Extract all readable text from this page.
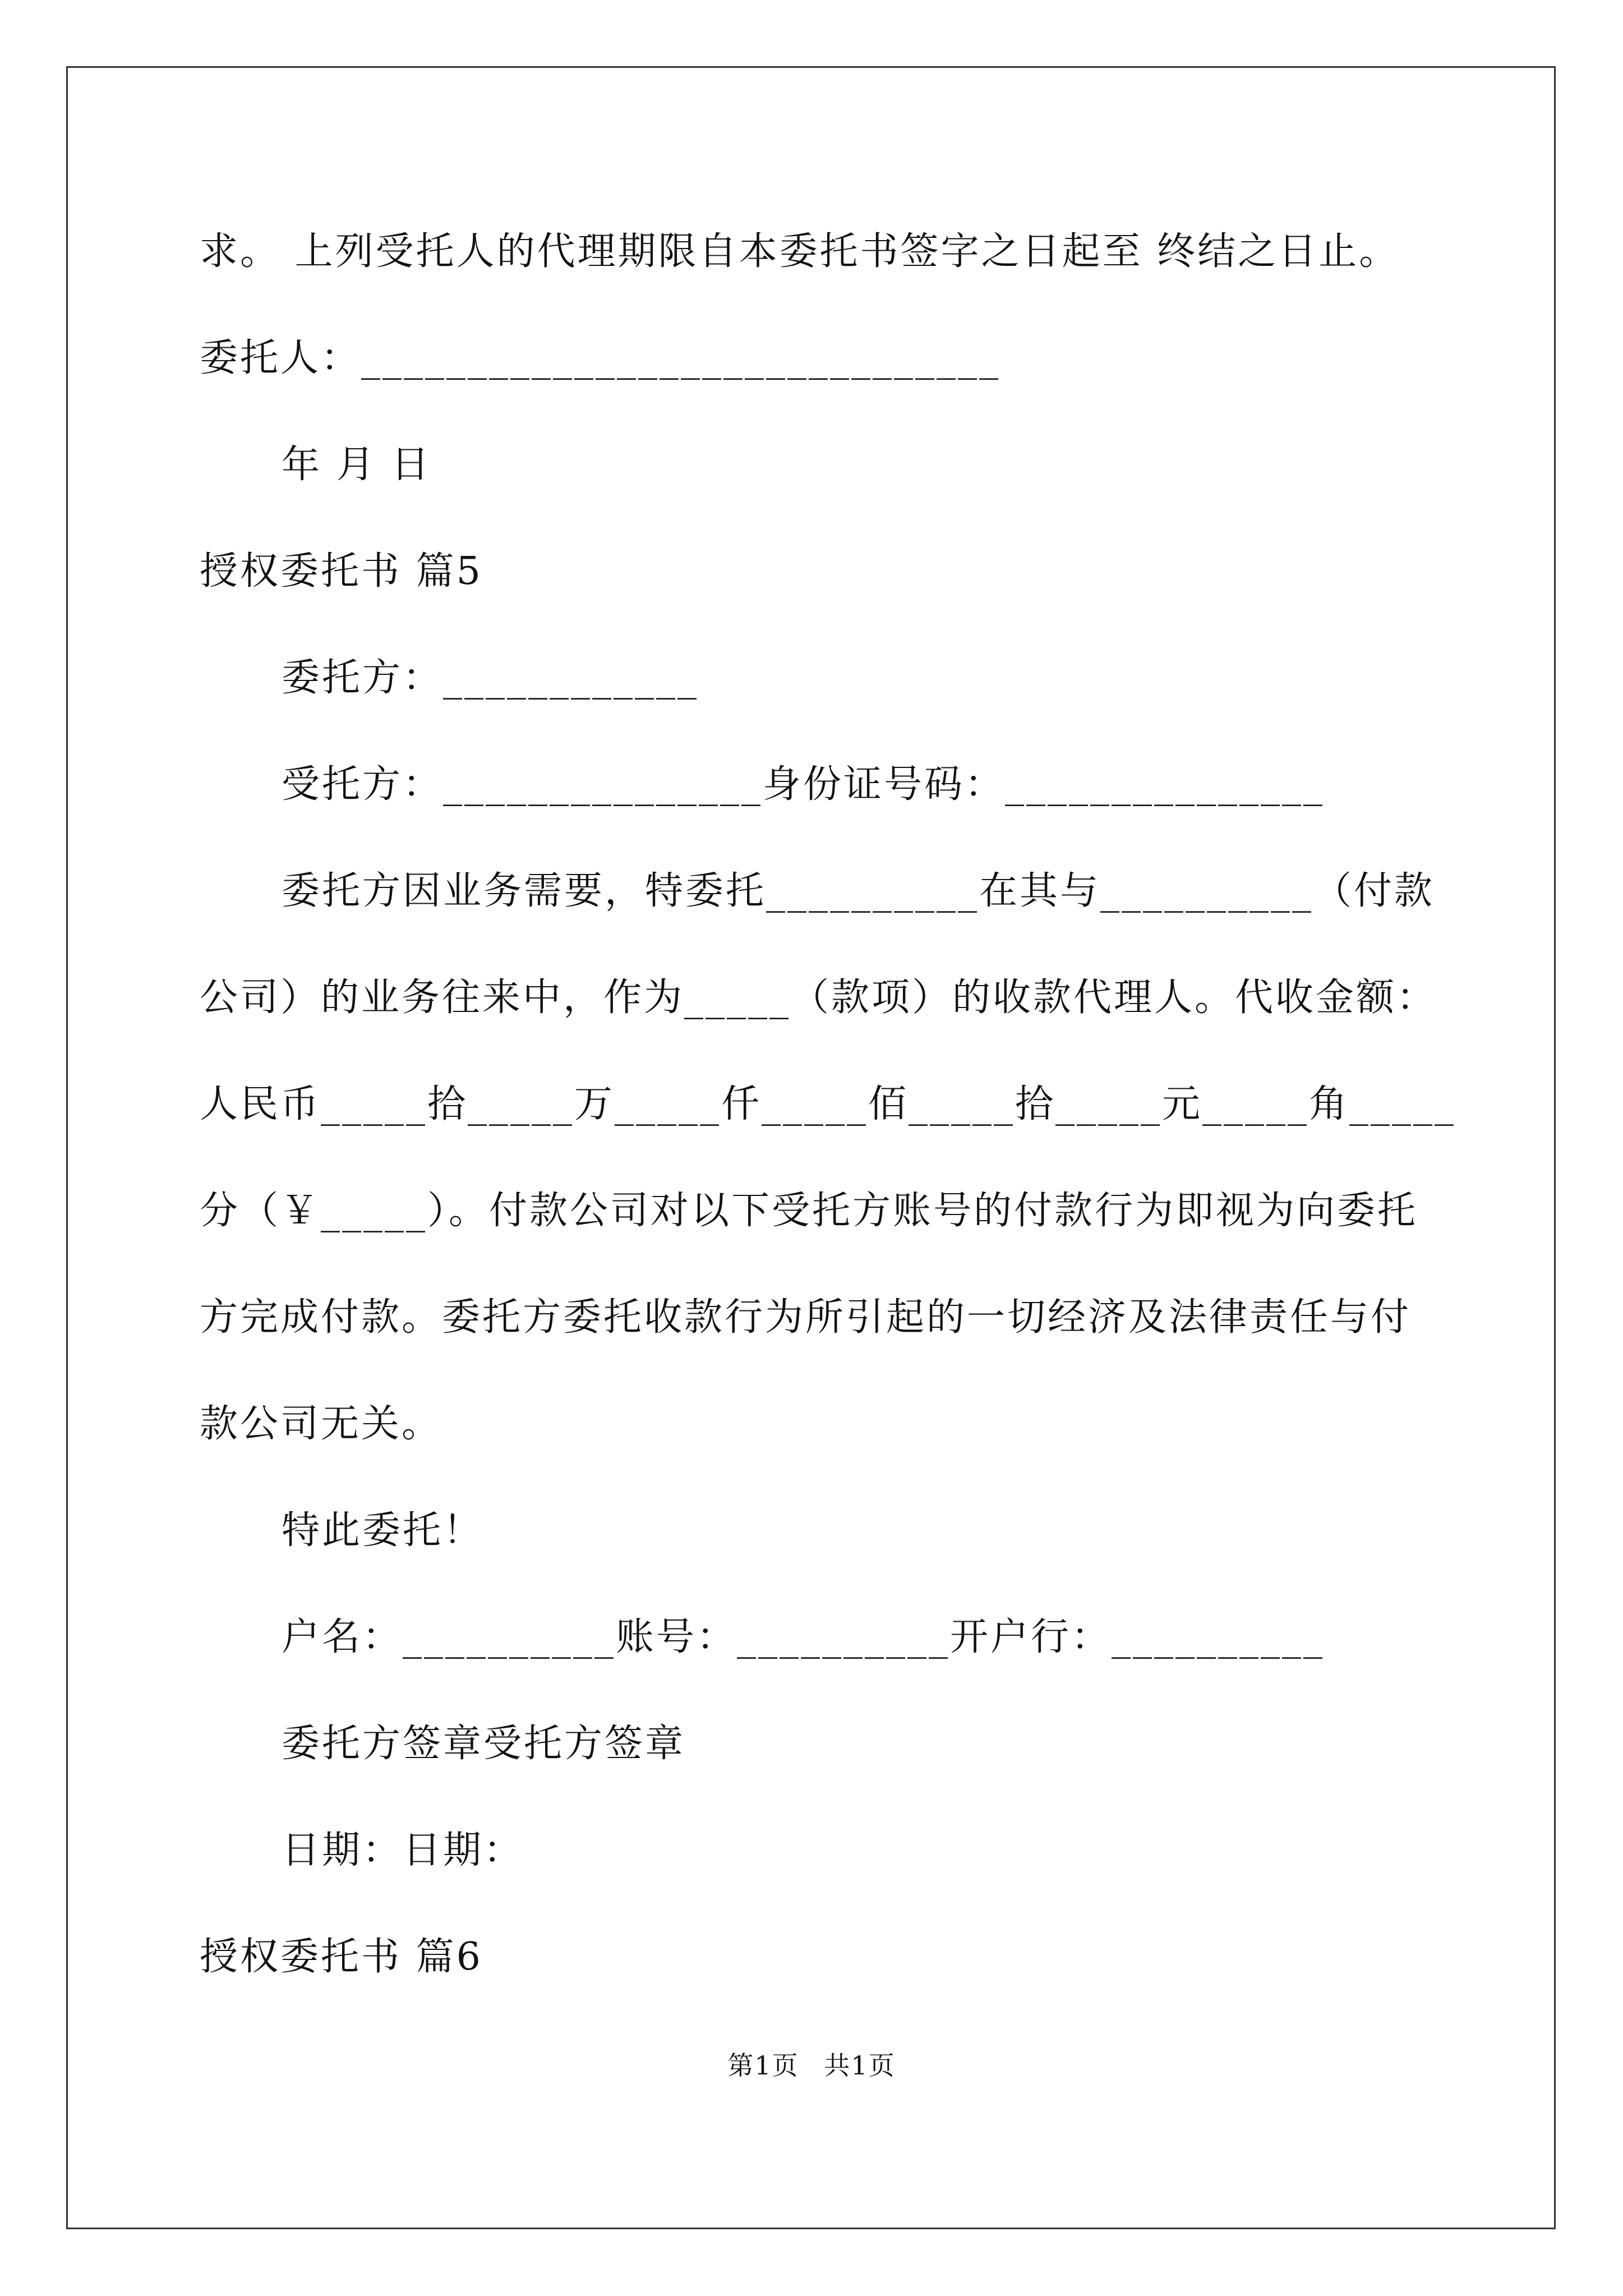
求。 上列受托人的代理期限自本委托书签字之日起至 终结之日止。
委托人：______________________________
年 月 日
授权委托书 篇5
委托方：____________
受托方：_______________身份证号码：_______________
委托方因业务需要，特委托__________在其与__________（付款
公司）的业务往来中，作为_____（款项）的收款代理人。代收金额：
人民币_____拾_____万_____仟_____佰_____拾_____元_____角_____
分（￥_____）。付款公司对以下受托方账号的付款行为即视为向委托
方完成付款。委托方委托收款行为所引起的一切经济及法律责任与付
款公司无关。
特此委托！
户名：__________账号：__________开户行：__________
委托方签章受托方签章
日期：日期：
授权委托书 篇6
第1页 共1页
